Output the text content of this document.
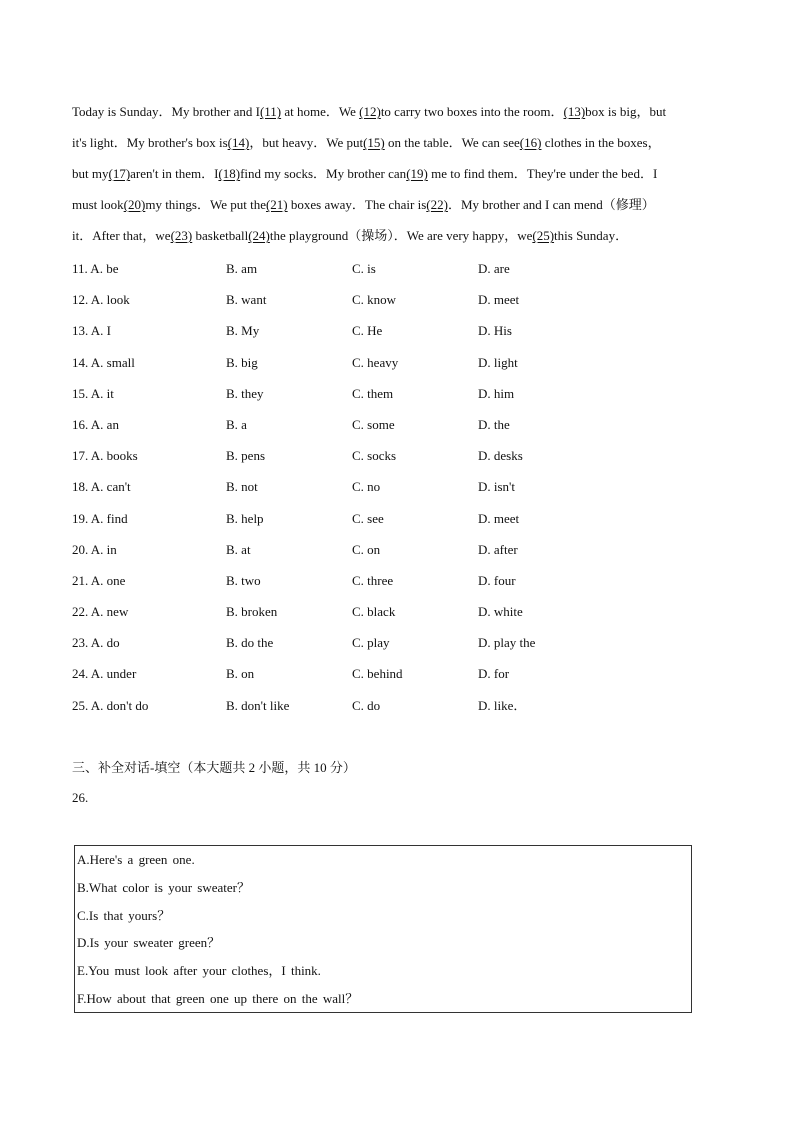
Today is Sunday．My brother and I(11) at home．We (12)to carry two boxes into the room．(13)box is big，but
it's light．My brother's box is(14)，but heavy．We put(15) on the table．We can see(16) clothes in the boxes，
but my(17)aren't in them．I(18)find my socks．My brother can(19) me to find them．They're under the bed．I
must look(20)my things．We put the(21) boxes away．The chair is(22)．My brother and I can mend（修理）
it．After that，we(23) basketball(24)the playground（操场）．We are very happy，we(25)this Sunday．
11. A. be	B. am	C. is	D. are
12. A. look	B. want	C. know	D. meet
13. A. I	B. My	C. He	D. His
14. A. small	B. big	C. heavy	D. light
15. A. it	B. they	C. them	D. him
16. A. an	B. a	C. some	D. the
17. A. books	B. pens	C. socks	D. desks
18. A. can't	B. not	C. no	D. isn't
19. A. find	B. help	C. see	D. meet
20. A. in	B. at	C. on	D. after
21. A. one	B. two	C. three	D. four
22. A. new	B. broken	C. black	D. white
23. A. do	B. do the	C. play	D. play the
24. A. under	B. on	C. behind	D. for
25. A. don't do	B. don't like	C. do	D. like．
三、补全对话-填空（本大题共 2 小题，共 10 分）
26.
A.Here's a green one.
B.What color is your sweater？
C.Is that yours？
D.Is your sweater green？
E.You must look after your clothes，I think.
F.How about that green one up there on the wall？
